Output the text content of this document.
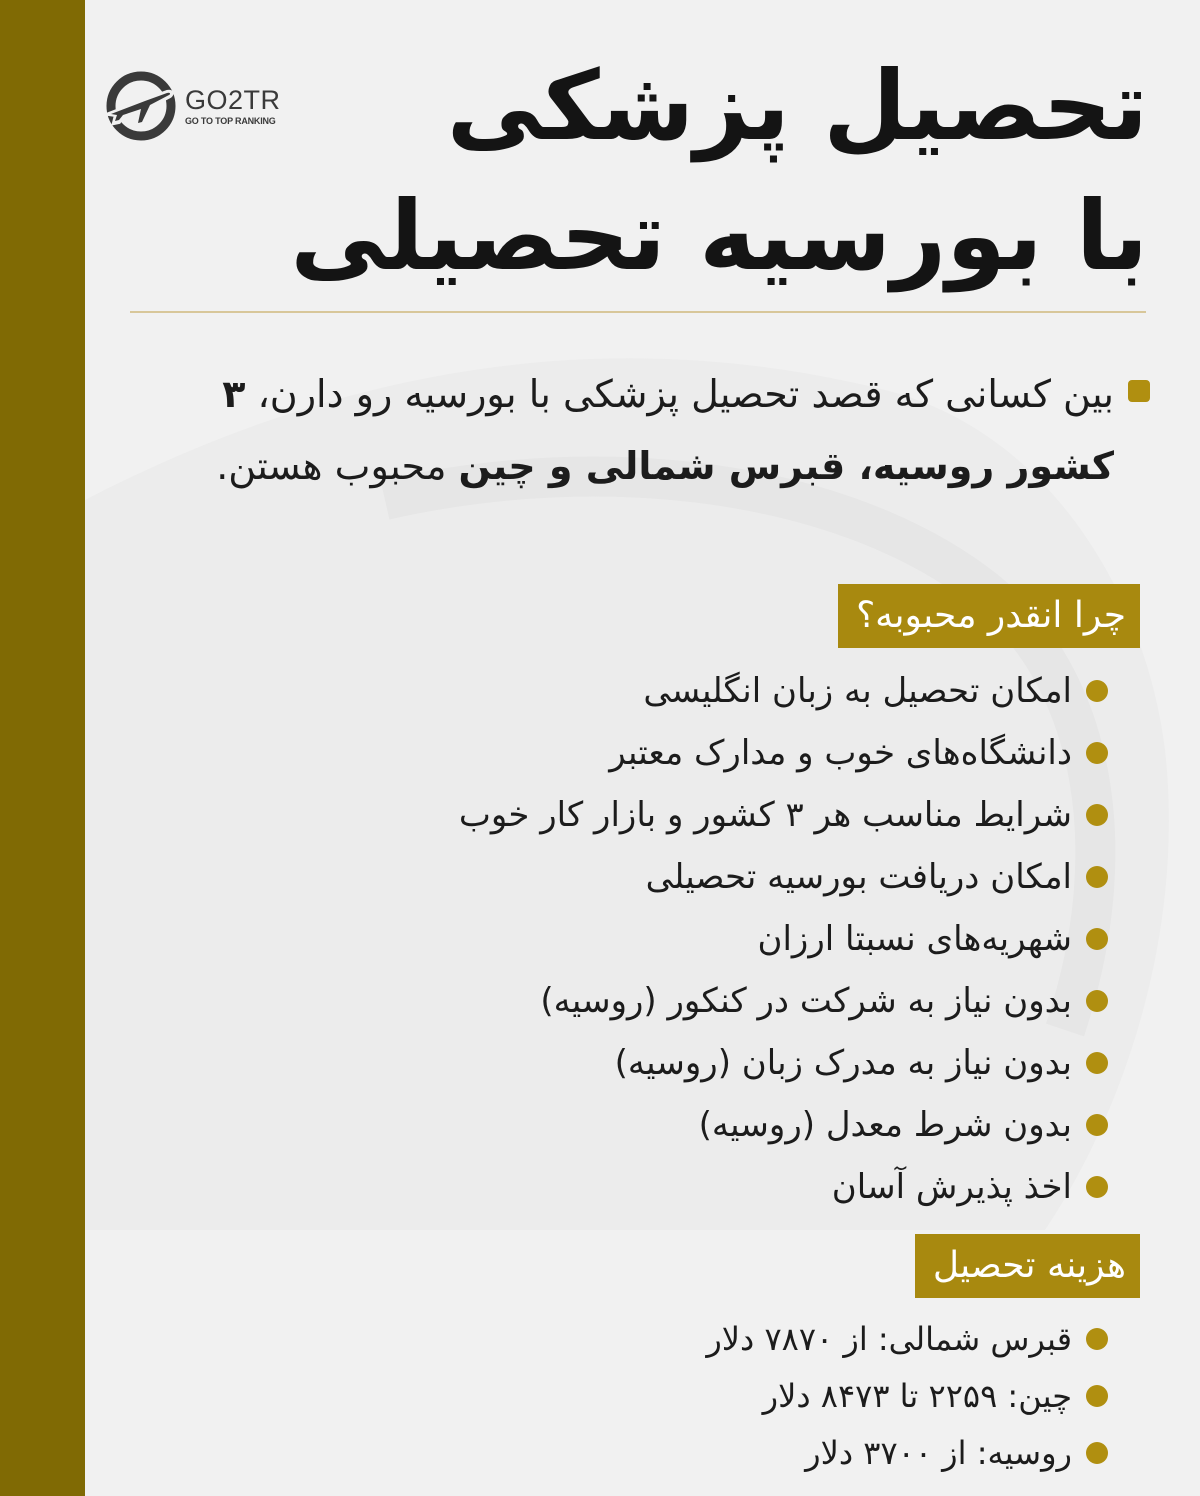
GO2TR
GO TO TOP RANKING تحصیل پزشکی
با بورسیه تحصیلی
بین کسانی که قصد تحصیل پزشکی با بورسیه رو دارن، ۳ کشور روسیه، قبرس شمالی و چین محبوب هستن.
چرا انقدر محبوبه؟
امکان تحصیل به زبان انگلیسی
دانشگاه‌های خوب و مدارک معتبر
شرایط مناسب هر ۳ کشور و بازار کار خوب
امکان دریافت بورسیه تحصیلی
شهریه‌های نسبتا ارزان
بدون نیاز به شرکت در کنکور (روسیه)
بدون نیاز به مدرک زبان (روسیه)
بدون شرط معدل (روسیه)
اخذ پذیرش آسان
هزینه تحصیل
قبرس شمالی: از ۷۸۷۰ دلار
چین: ۲۲۵۹ تا ۸۴۷۳ دلار
روسیه: از ۳۷۰۰ دلار
